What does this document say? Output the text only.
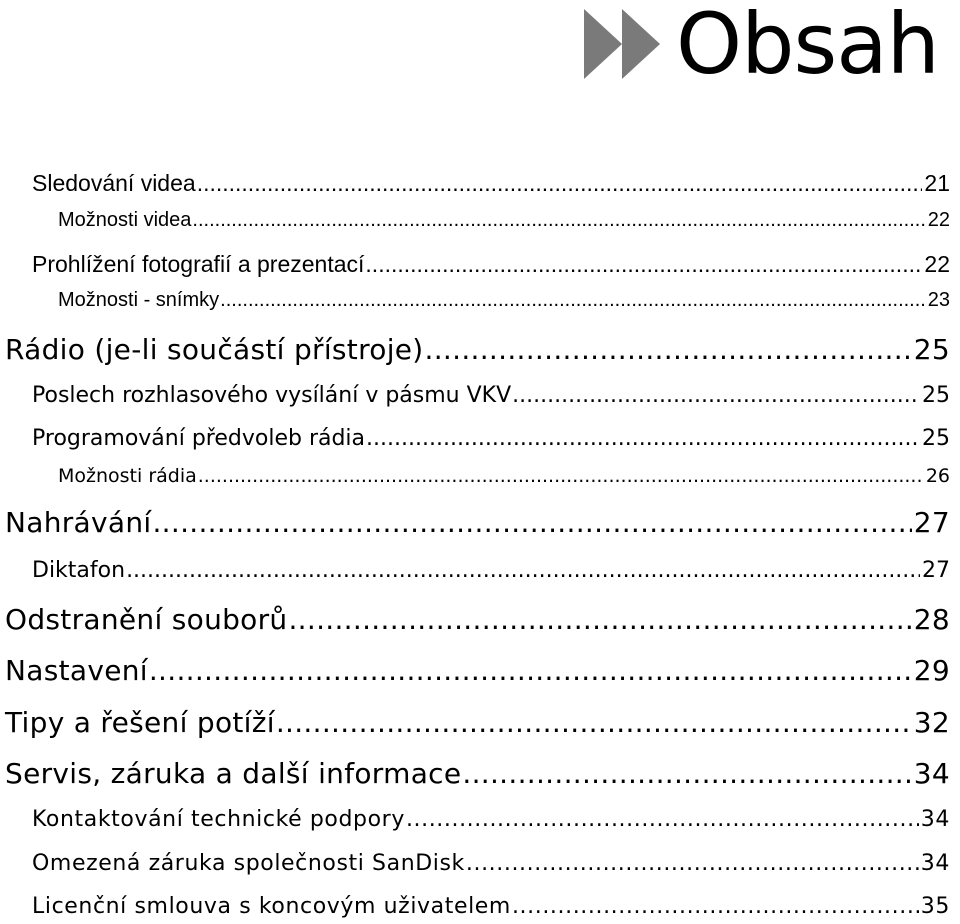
Obsah
Sledování videa .....	21
Možnosti videa .....	22
Prohlížení fotografií a prezentací .....	22
Možnosti - snímky .....	23
Rádio (je-li součástí přístroje) .....	25
Poslech rozhlasového vysílání v pásmu VKV .....	25
Programování předvoleb rádia .....	25
Možnosti rádia .....	26
Nahrávání .....	27
Diktafon .....	27
Odstranění souborů .....	28
Nastavení .....	29
Tipy a řešení potíží .....	32
Servis, záruka a další informace .....	34
Kontaktování technické podpory .....	34
Omezená záruka společnosti SanDisk .....	34
Licenční smlouva s koncovým uživatelem .....	35
